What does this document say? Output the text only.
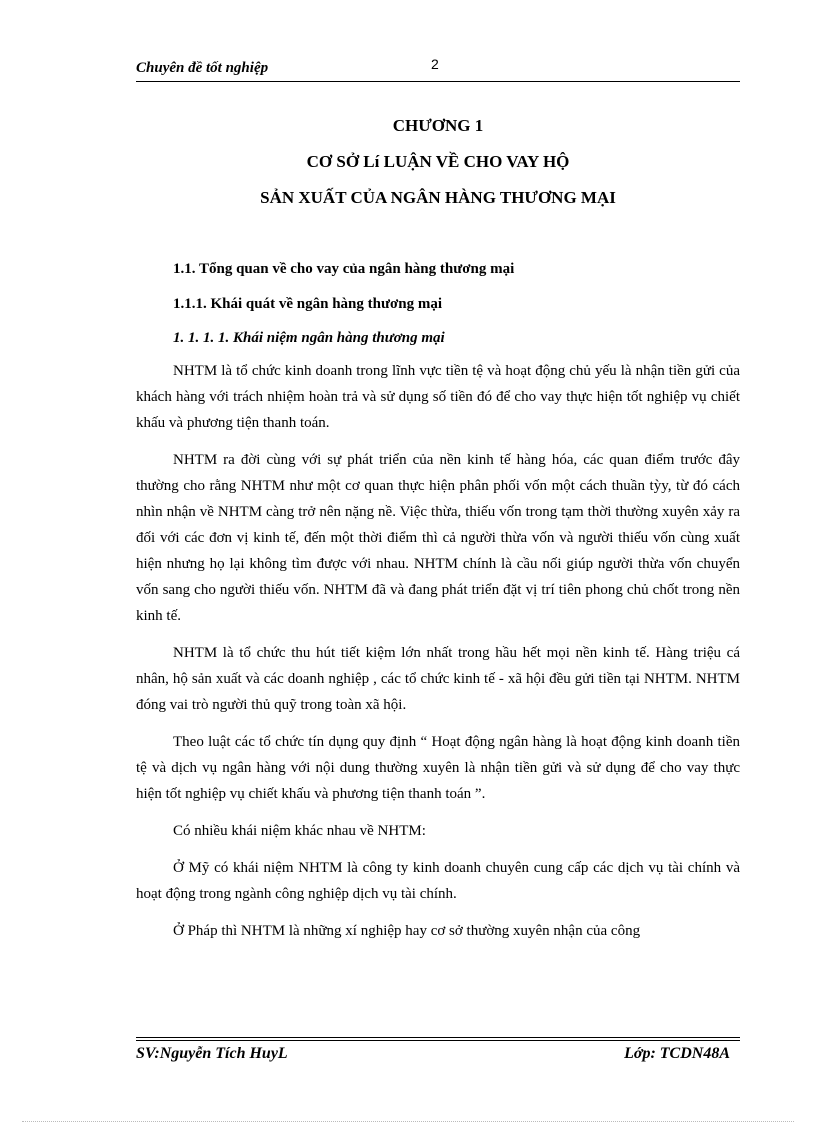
Chuyên đề tốt nghiệp	2
CHƯƠNG 1
CƠ SỞ Lí LUẬN VỀ CHO VAY HỘ
SẢN XUẤT CỦA NGÂN HÀNG THƯƠNG MẠI
1.1. Tổng quan về cho vay của ngân hàng thương mại
1.1.1. Khái quát về ngân hàng thương mại
1. 1. 1. 1. Khái niệm ngân hàng thương mại

NHTM là tổ chức kinh doanh trong lĩnh vực tiền tệ và hoạt động chủ yếu là nhận tiền gửi của khách hàng với trách nhiệm hoàn trả và sử dụng số tiền đó để cho vay thực hiện tốt nghiệp vụ chiết khấu và phương tiện thanh toán.

NHTM ra đời cùng với sự phát triển của nền kinh tế hàng hóa, các quan điểm trước đây thường cho rằng NHTM như một cơ quan thực hiện phân phối vốn một cách thuần tỳy, từ đó cách nhìn nhận về NHTM càng trở nên nặng nề. Việc thừa, thiếu vốn trong tạm thời thường xuyên xảy ra đối với các đơn vị kinh tế, đến một thời điểm thì cả người thừa vốn và người thiếu vốn cùng xuất hiện nhưng họ lại không tìm được với nhau. NHTM chính là cầu nối giúp người thừa vốn chuyển vốn sang cho người thiếu vốn. NHTM đã và đang phát triển đặt vị trí tiên phong chủ chốt trong nền kinh tế.

NHTM là tổ chức thu hút tiết kiệm lớn nhất trong hầu hết mọi nền kinh tế. Hàng triệu cá nhân, hộ sản xuất và các doanh nghiệp , các tổ chức kinh tế - xã hội đều gửi tiền tại NHTM. NHTM đóng vai trò người thủ quỹ trong toàn xã hội.

Theo luật các tổ chức tín dụng quy định “ Hoạt động ngân hàng là hoạt động kinh doanh tiền tệ và dịch vụ ngân hàng với nội dung thường xuyên là nhận tiền gửi và sử dụng để cho vay thực hiện tốt nghiệp vụ chiết khấu và phương tiện thanh toán ”.

Có nhiều khái niệm khác nhau về NHTM:

Ở Mỹ có khái niệm NHTM là công ty kinh doanh chuyên cung cấp các dịch vụ tài chính và hoạt động trong ngành công nghiệp dịch vụ tài chính.

Ở Pháp thì NHTM là những xí nghiệp hay cơ sở thường xuyên nhận của công

SV:Nguyễn Tích HuyL	Lớp: TCDN48A
